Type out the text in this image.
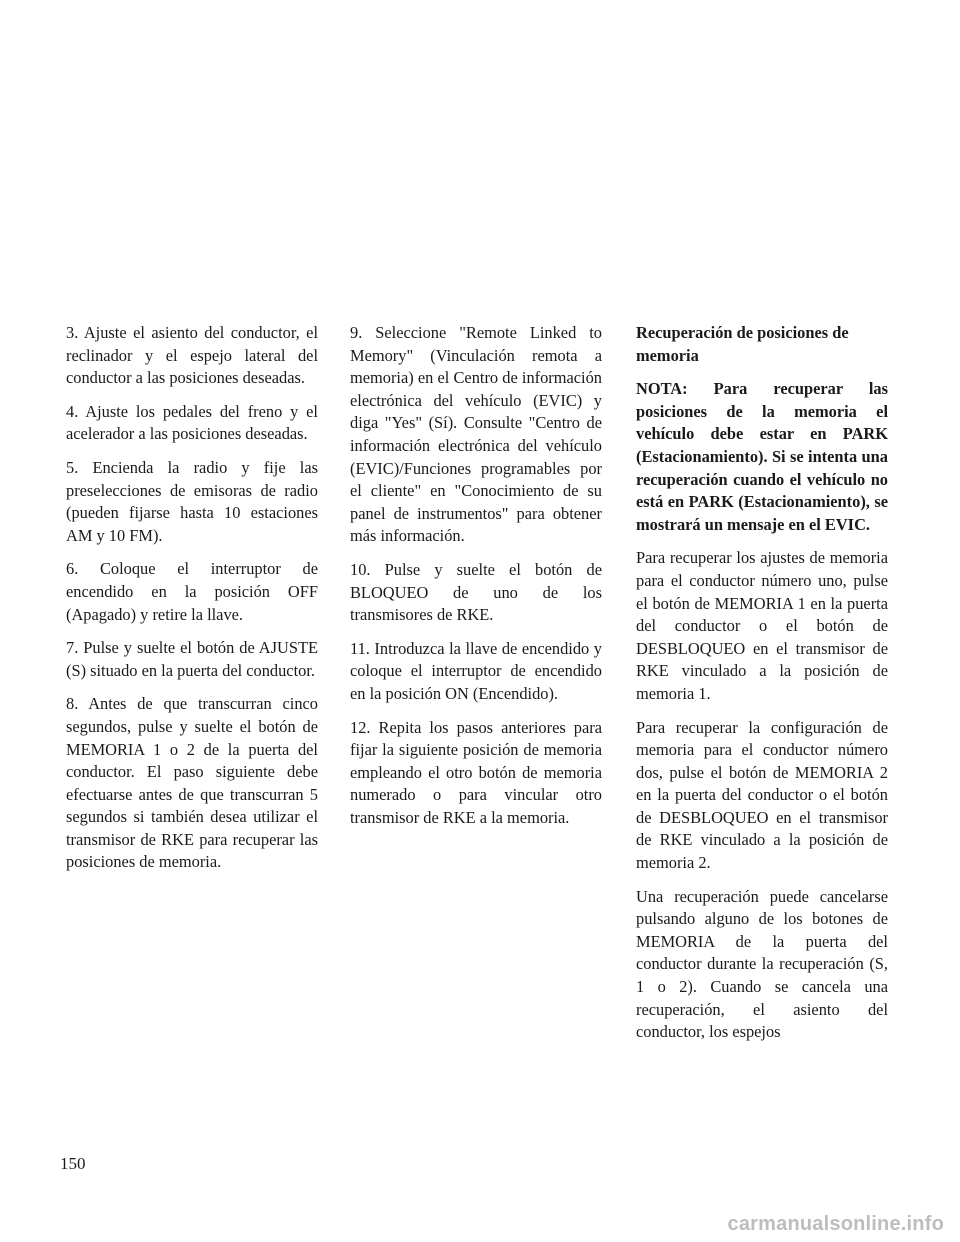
3. Ajuste el asiento del conductor, el reclinador y el espejo lateral del conductor a las posiciones deseadas.

4. Ajuste los pedales del freno y el acelerador a las posiciones deseadas.

5. Encienda la radio y fije las preselecciones de emisoras de radio (pueden fijarse hasta 10 estaciones AM y 10 FM).

6. Coloque el interruptor de encendido en la posición OFF (Apagado) y retire la llave.

7. Pulse y suelte el botón de AJUSTE (S) situado en la puerta del conductor.

8. Antes de que transcurran cinco segundos, pulse y suelte el botón de MEMORIA 1 o 2 de la puerta del conductor. El paso siguiente debe efectuarse antes de que transcurran 5 segundos si también desea utilizar el transmisor de RKE para recuperar las posiciones de memoria.

9. Seleccione "Remote Linked to Memory" (Vinculación remota a memoria) en el Centro de información electrónica del vehículo (EVIC) y diga "Yes" (Sí). Consulte "Centro de información electrónica del vehículo (EVIC)/Funciones programables por el cliente" en "Conocimiento de su panel de instrumentos" para obtener más información.

10. Pulse y suelte el botón de BLOQUEO de uno de los transmisores de RKE.

11. Introduzca la llave de encendido y coloque el interruptor de encendido en la posición ON (Encendido).

12. Repita los pasos anteriores para fijar la siguiente posición de memoria empleando el otro botón de memoria numerado o para vincular otro transmisor de RKE a la memoria.

Recuperación de posiciones de memoria

NOTA: Para recuperar las posiciones de la memoria el vehículo debe estar en PARK (Estacionamiento). Si se intenta una recuperación cuando el vehículo no está en PARK (Estacionamiento), se mostrará un mensaje en el EVIC.

Para recuperar los ajustes de memoria para el conductor número uno, pulse el botón de MEMORIA 1 en la puerta del conductor o el botón de DESBLOQUEO en el transmisor de RKE vinculado a la posición de memoria 1.

Para recuperar la configuración de memoria para el conductor número dos, pulse el botón de MEMORIA 2 en la puerta del conductor o el botón de DESBLOQUEO en el transmisor de RKE vinculado a la posición de memoria 2.

Una recuperación puede cancelarse pulsando alguno de los botones de MEMORIA de la puerta del conductor durante la recuperación (S, 1 o 2). Cuando se cancela una recuperación, el asiento del conductor, los espejos

150
carmanualsonline.info
